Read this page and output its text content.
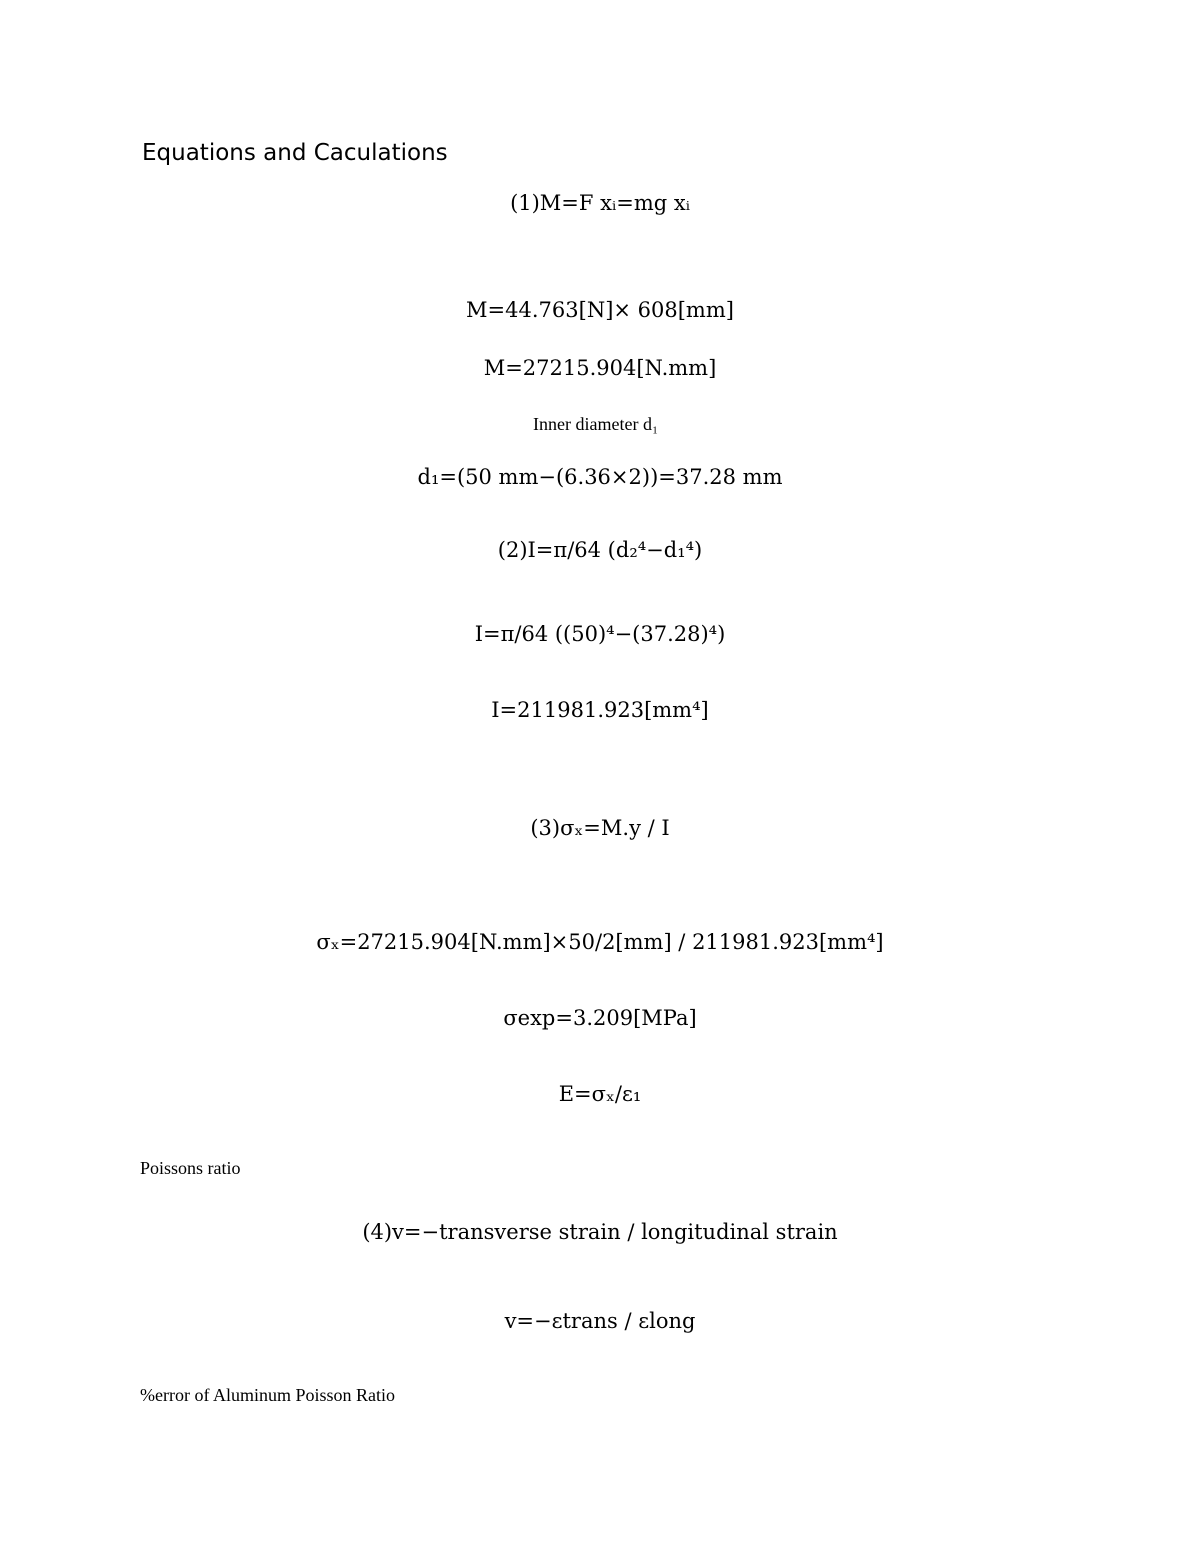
Equations and Caculations
(1)M=F xᵢ=mg xᵢ
M=44.763[N]× 608[mm]
M=27215.904[N.mm]
Inner diameter d₁
d₁=(50 mm−(6.36×2))=37.28 mm
(2)I=π/64 (d₂⁴−d₁⁴)
I=π/64 ((50)⁴−(37.28)⁴)
I=211981.923[mm⁴]
(3)σₓ=M.y / I
σₓ=27215.904[N.mm]×50/2[mm] / 211981.923[mm⁴]
σexp=3.209[MPa]
E=σₓ/ε₁
Poissons ratio
(4)v=−transverse strain / longitudinal strain
v=−εtrans / εlong
%error of Aluminum Poisson Ratio
